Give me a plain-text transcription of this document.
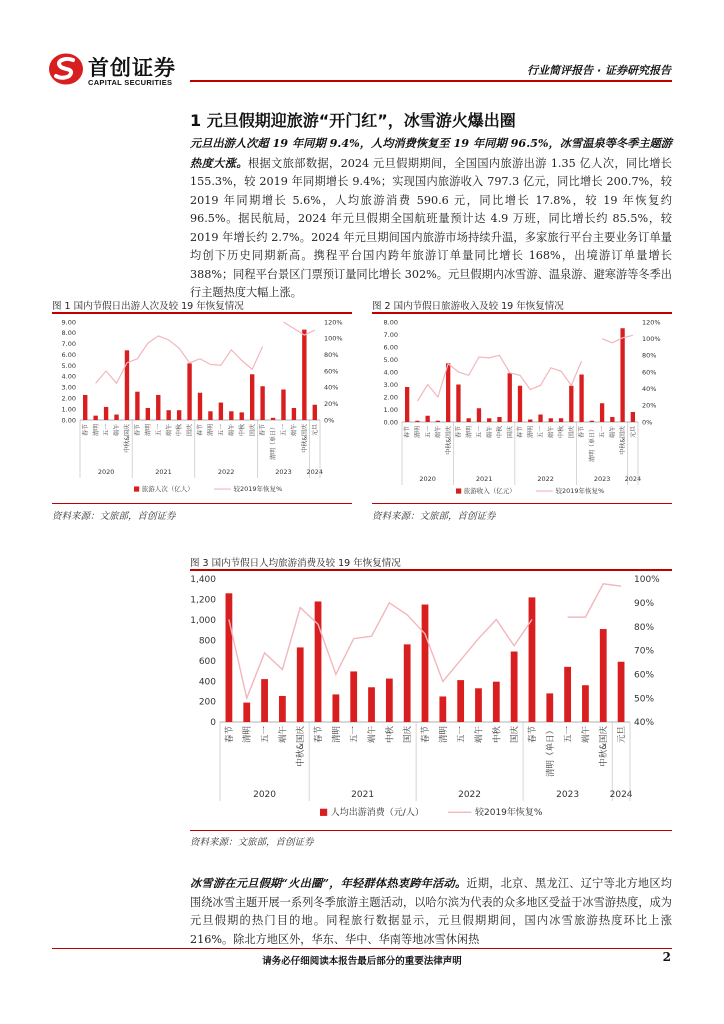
首创证券
CAPITAL SECURITIES
行业简评报告 · 证券研究报告
1 元旦假期迎旅游“开门红”，冰雪游火爆出圈
元旦出游人次超 19 年同期 9.4%，人均消费恢复至 19 年同期 96.5%，冰雪温泉等冬季主题游热度大涨。根据文旅部数据，2024 元旦假期期间，全国国内旅游出游 1.35 亿人次，同比增长 155.3%，较 2019 年同期增长 9.4%；实现国内旅游收入 797.3 亿元，同比增长 200.7%，较 2019 年同期增长 5.6%，人均旅游消费 590.6 元，同比增长 17.8%，较 19 年恢复约 96.5%。据民航局，2024 年元旦假期全国航班量预计达 4.9 万班，同比增长约 85.5%，较 2019 年增长约 2.7%。2024 年元旦期间国内旅游市场持续升温，多家旅行平台主要业务订单量均创下历史同期新高。携程平台国内跨年旅游订单量同比增长 168%，出境游订单量增长 388%；同程平台景区门票预订量同比增长 302%。元旦假期内冰雪游、温泉游、避寒游等冬季出行主题热度大幅上涨。
图 1 国内节假日出游人次及较 19 年恢复情况
0.00
1.00
2.00
3.00
4.00
5.00
6.00
7.00
8.00
9.00
0%
20%
40%
60%
80%
100%
120%
春节 清明 五一 端午 中秋&国庆 春节 清明 五一 端午 中秋 国庆 春节 清明 五一 端午 中秋 国庆 春节 清明（单日） 五一 端午 中秋&国庆 元旦
2020	2021	2022	2023 2024
旅游人次（亿人）	较2019年恢复%
资料来源：文旅部，首创证券
图 2 国内节假日旅游收入及较 19 年恢复情况
0.00
1.00
2.00
3.00
4.00
5.00
6.00
7.00
8.00
0%
20%
40%
60%
80%
100%
120%
春节 清明 五一 端午 中秋&国庆 春节 清明 五一 端午 中秋 国庆 春节 清明 五一 端午 中秋 国庆 春节 清明（单日） 五一 端午 中秋&国庆 元旦
2020	2021	2022	2023 2024
旅游收入（亿元）	较2019年恢复%
资料来源：文旅部，首创证券
图 3 国内节假日人均旅游消费及较 19 年恢复情况
0
200
400
600
800
1,000
1,200
1,400
40%
50%
60%
70%
80%
90%
100%
春节 清明 五一 端午 中秋&国庆 春节 清明 五一 端午 中秋 国庆 春节 清明 五一 端午 中秋 国庆 春节 清明（单日） 五一 端午 中秋&国庆 元旦
2020	2021	2022	2023	2024
人均出游消费（元/人）	较2019年恢复%
资料来源：文旅部，首创证券
冰雪游在元旦假期“火出圈”，年轻群体热衷跨年活动。近期，北京、黑龙江、辽宁等北方地区均围绕冰雪主题开展一系列冬季旅游主题活动，以哈尔滨为代表的众多地区受益于冰雪游热度，成为元旦假期的热门目的地。同程旅行数据显示，元旦假期期间，国内冰雪旅游热度环比上涨 216%。除北方地区外，华东、华中、华南等地冰雪休闲热
请务必仔细阅读本报告最后部分的重要法律声明	2
